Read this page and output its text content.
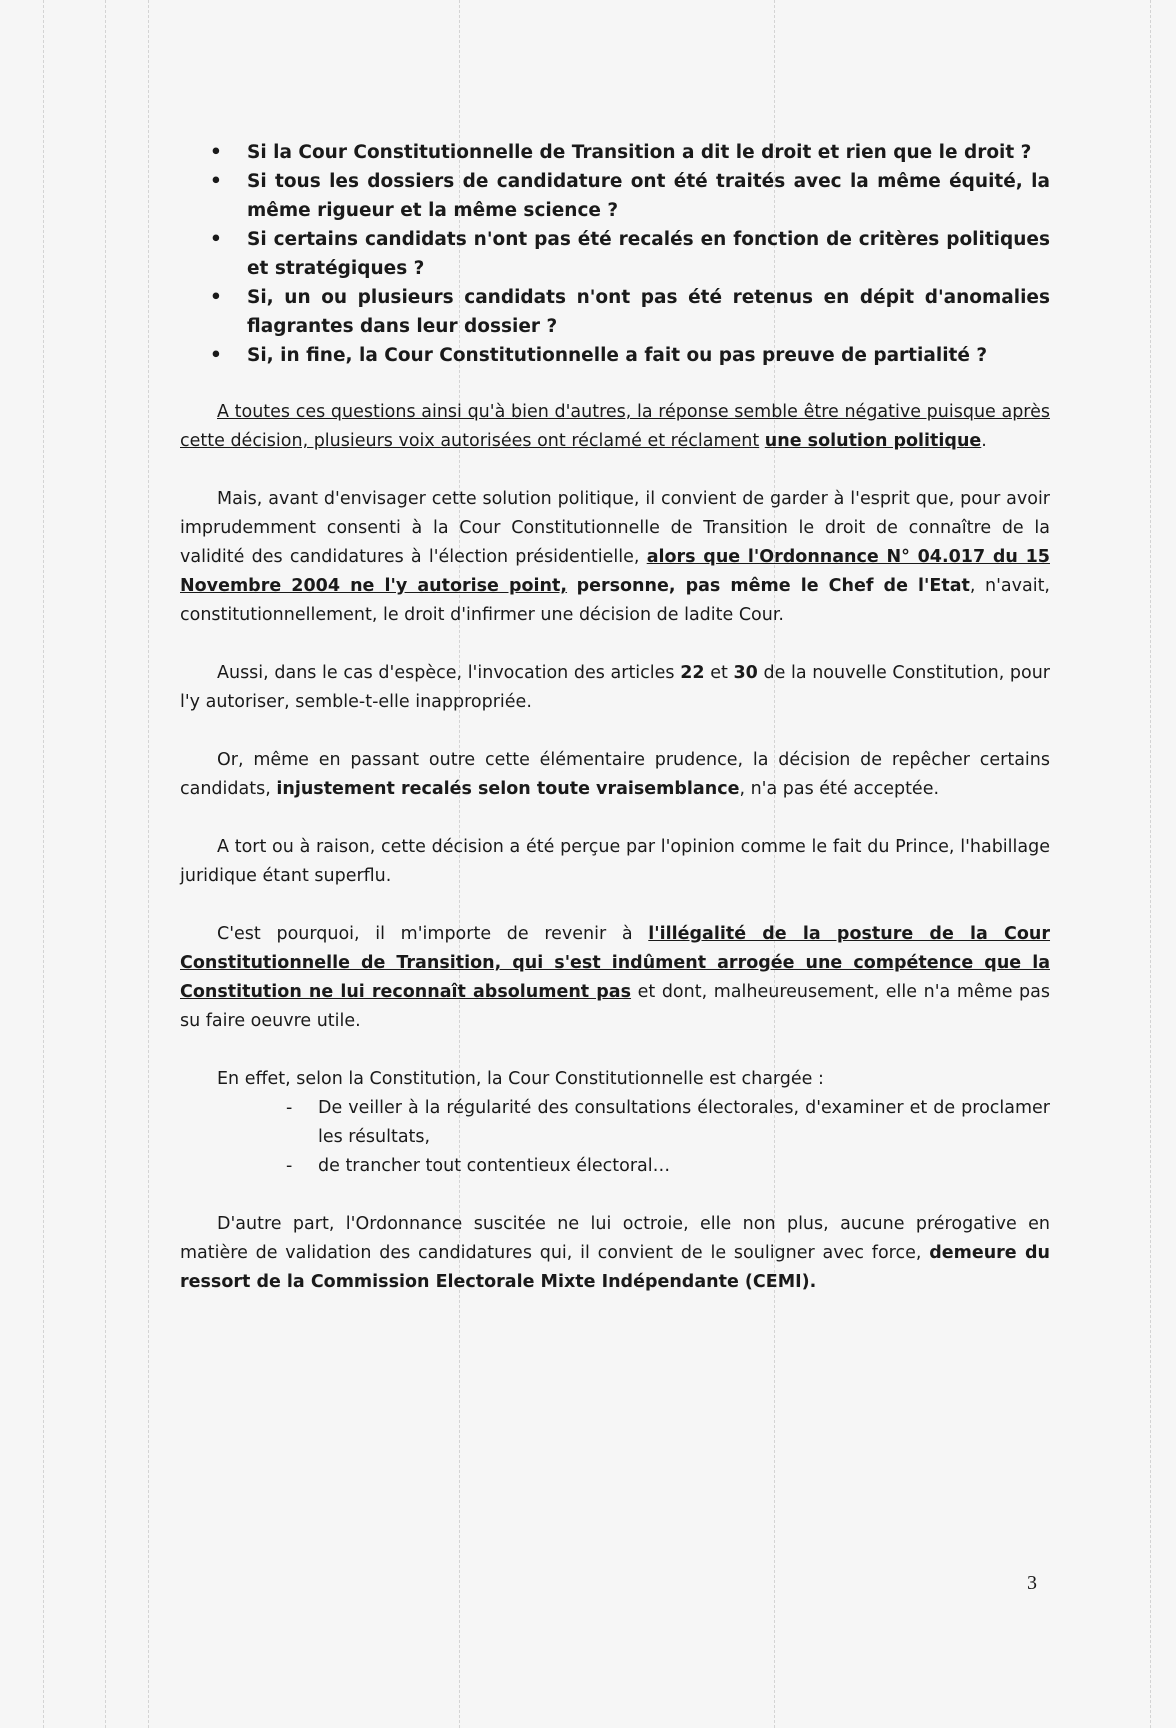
• Si la Cour Constitutionnelle de Transition a dit le droit et rien que le droit ?
• Si tous les dossiers de candidature ont été traités avec la même équité, la même rigueur et la même science ?
• Si certains candidats n'ont pas été recalés en fonction de critères politiques et stratégiques ?
• Si, un ou plusieurs candidats n'ont pas été retenus en dépit d'anomalies flagrantes dans leur dossier ?
• Si, in fine, la Cour Constitutionnelle a fait ou pas preuve de partialité ?

A toutes ces questions ainsi qu'à bien d'autres, la réponse semble être négative puisque après cette décision, plusieurs voix autorisées ont réclamé et réclament une solution politique.

Mais, avant d'envisager cette solution politique, il convient de garder à l'esprit que, pour avoir imprudemment consenti à la Cour Constitutionnelle de Transition le droit de connaître de la validité des candidatures à l'élection présidentielle, alors que l'Ordonnance N° 04.017 du 15 Novembre 2004 ne l'y autorise point, personne, pas même le Chef de l'Etat, n'avait, constitutionnellement, le droit d'infirmer une décision de ladite Cour.

Aussi, dans le cas d'espèce, l'invocation des articles 22 et 30 de la nouvelle Constitution, pour l'y autoriser, semble-t-elle inappropriée.

Or, même en passant outre cette élémentaire prudence, la décision de repêcher certains candidats, injustement recalés selon toute vraisemblance, n'a pas été acceptée.

A tort ou à raison, cette décision a été perçue par l'opinion comme le fait du Prince, l'habillage juridique étant superflu.

C'est pourquoi, il m'importe de revenir à l'illégalité de la posture de la Cour Constitutionnelle de Transition, qui s'est indûment arrogée une compétence que la Constitution ne lui reconnaît absolument pas et dont, malheureusement, elle n'a même pas su faire oeuvre utile.

En effet, selon la Constitution, la Cour Constitutionnelle est chargée :

- De veiller à la régularité des consultations électorales, d'examiner et de proclamer les résultats,
- de trancher tout contentieux électoral…

D'autre part, l'Ordonnance suscitée ne lui octroie, elle non plus, aucune prérogative en matière de validation des candidatures qui, il convient de le souligner avec force, demeure du ressort de la Commission Electorale Mixte Indépendante (CEMI).

3
